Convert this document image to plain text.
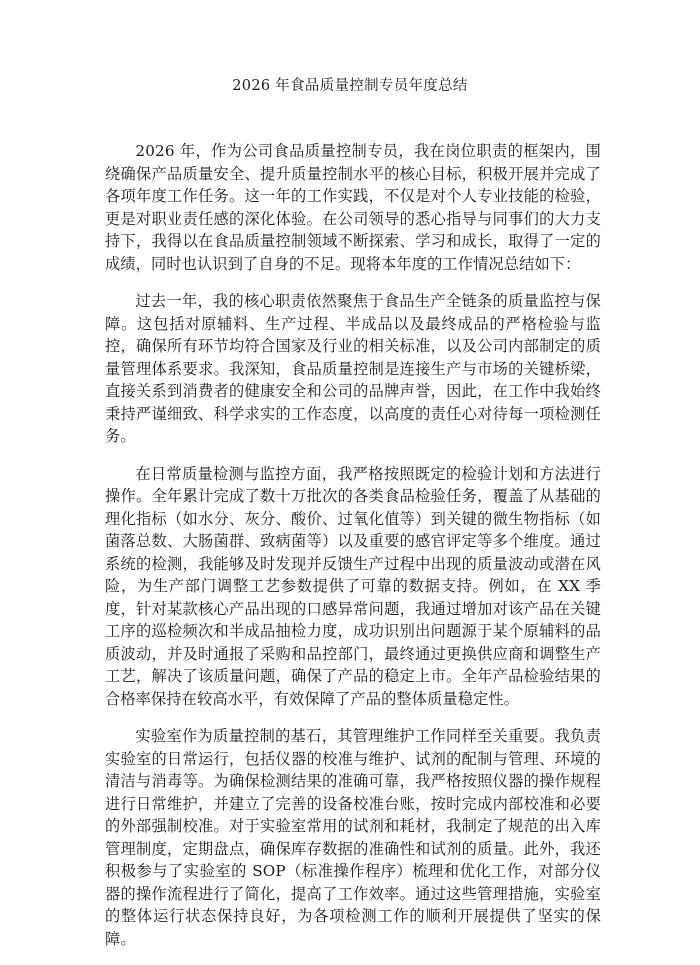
2026 年食品质量控制专员年度总结

2026 年，作为公司食品质量控制专员，我在岗位职责的框架内，围绕确保产品质量安全、提升质量控制水平的核心目标，积极开展并完成了各项年度工作任务。这一年的工作实践，不仅是对个人专业技能的检验，更是对职业责任感的深化体验。在公司领导的悉心指导与同事们的大力支持下，我得以在食品质量控制领域不断探索、学习和成长，取得了一定的成绩，同时也认识到了自身的不足。现将本年度的工作情况总结如下：

过去一年，我的核心职责依然聚焦于食品生产全链条的质量监控与保障。这包括对原辅料、生产过程、半成品以及最终成品的严格检验与监控，确保所有环节均符合国家及行业的相关标准，以及公司内部制定的质量管理体系要求。我深知，食品质量控制是连接生产与市场的关键桥梁，直接关系到消费者的健康安全和公司的品牌声誉，因此，在工作中我始终秉持严谨细致、科学求实的工作态度，以高度的责任心对待每一项检测任务。

在日常质量检测与监控方面，我严格按照既定的检验计划和方法进行操作。全年累计完成了数十万批次的各类食品检验任务，覆盖了从基础的理化指标（如水分、灰分、酸价、过氧化值等）到关键的微生物指标（如菌落总数、大肠菌群、致病菌等）以及重要的感官评定等多个维度。通过系统的检测，我能够及时发现并反馈生产过程中出现的质量波动或潜在风险，为生产部门调整工艺参数提供了可靠的数据支持。例如，在 XX 季度，针对某款核心产品出现的口感异常问题，我通过增加对该产品在关键工序的巡检频次和半成品抽检力度，成功识别出问题源于某个原辅料的品质波动，并及时通报了采购和品控部门，最终通过更换供应商和调整生产工艺，解决了该质量问题，确保了产品的稳定上市。全年产品检验结果的合格率保持在较高水平，有效保障了产品的整体质量稳定性。

实验室作为质量控制的基石，其管理维护工作同样至关重要。我负责实验室的日常运行，包括仪器的校准与维护、试剂的配制与管理、环境的清洁与消毒等。为确保检测结果的准确可靠，我严格按照仪器的操作规程进行日常维护，并建立了完善的设备校准台账，按时完成内部校准和必要的外部强制校准。对于实验室常用的试剂和耗材，我制定了规范的出入库管理制度，定期盘点，确保库存数据的准确性和试剂的质量。此外，我还积极参与了实验室的 SOP（标准操作程序）梳理和优化工作，对部分仪器的操作流程进行了简化，提高了工作效率。通过这些管理措施，实验室的整体运行状态保持良好，为各项检测工作的顺利开展提供了坚实的保障。
